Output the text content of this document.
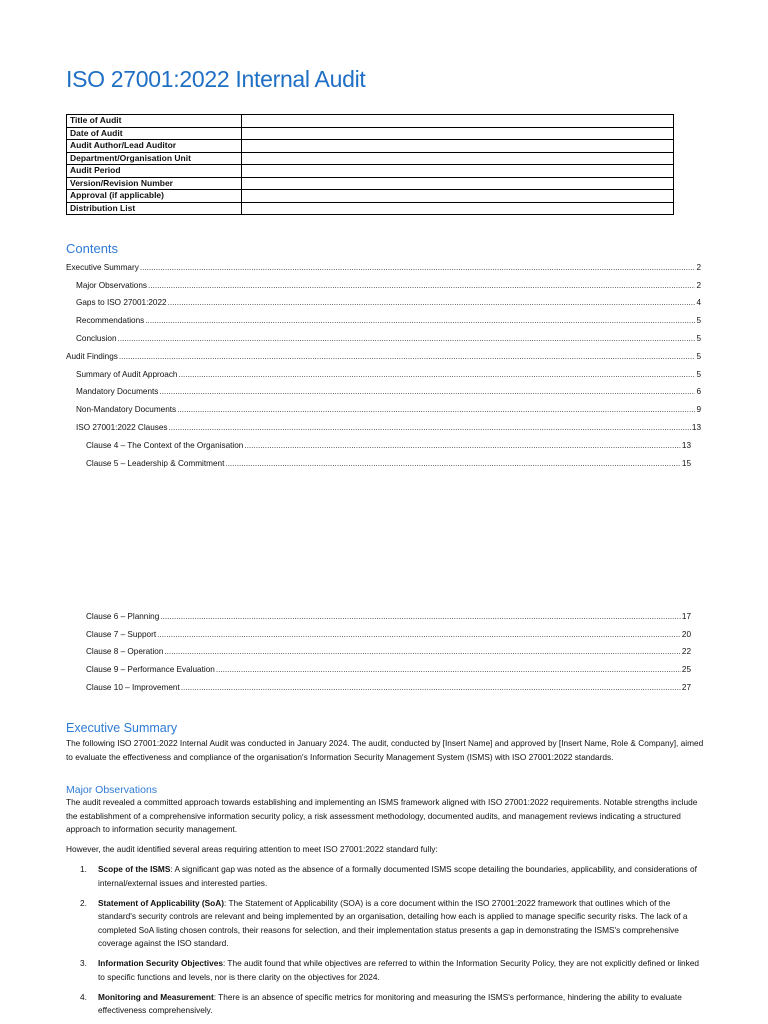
ISO 27001:2022 Internal Audit
Title of Audit	
Date of Audit	
Audit Author/Lead Auditor	
Department/Organisation Unit	
Audit Period	
Version/Revision Number	
Approval (if applicable)	
Distribution List	
Contents
Executive Summary .....	2
Major Observations .....	2
Gaps to ISO 27001:2022 .....	4
Recommendations .....	5
Conclusion .....	5
Audit Findings .....	5
Summary of Audit Approach .....	5
Mandatory Documents .....	6
Non-Mandatory Documents .....	9
ISO 27001:2022 Clauses .....	13
Clause 4 – The Context of the Organisation .....	13
Clause 5 – Leadership & Commitment .....	15
Clause 6 – Planning .....	17
Clause 7 – Support .....	20
Clause 8 – Operation .....	22
Clause 9 – Performance Evaluation .....	25
Clause 10 – Improvement .....	27
Executive Summary

The following ISO 27001:2022 Internal Audit was conducted in January 2024. The audit, conducted by [Insert Name] and approved by [Insert Name, Role & Company], aimed to evaluate the effectiveness and compliance of the organisation's Information Security Management System (ISMS) with ISO 27001:2022 standards.

Major Observations

The audit revealed a committed approach towards establishing and implementing an ISMS framework aligned with ISO 27001:2022 requirements. Notable strengths include the establishment of a comprehensive information security policy, a risk assessment methodology, documented audits, and management reviews indicating a structured approach to information security management.

However, the audit identified several areas requiring attention to meet ISO 27001:2022 standard fully:

1. Scope of the ISMS: A significant gap was noted as the absence of a formally documented ISMS scope detailing the boundaries, applicability, and considerations of internal/external issues and interested parties.
2. Statement of Applicability (SoA): The Statement of Applicability (SOA) is a core document within the ISO 27001:2022 framework that outlines which of the standard's security controls are relevant and being implemented by an organisation, detailing how each is applied to manage specific security risks. The lack of a completed SoA listing chosen controls, their reasons for selection, and their implementation status presents a gap in demonstrating the ISMS's comprehensive coverage against the ISO standard.
3. Information Security Objectives: The audit found that while objectives are referred to within the Information Security Policy, they are not explicitly defined or linked to specific functions and levels, nor is there clarity on the objectives for 2024.
4. Monitoring and Measurement: There is an absence of specific metrics for monitoring and measuring the ISMS's performance, hindering the ability to evaluate effectiveness comprehensively.
